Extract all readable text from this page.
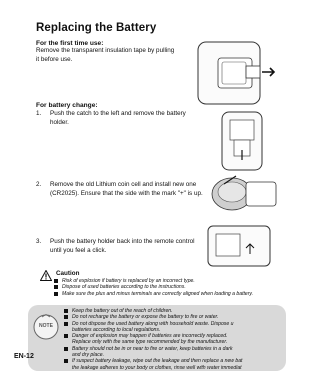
Replacing the Battery
For the first time use:
Remove the transparent insulation tape by pulling
it before use.
For battery change:
1. Push the catch to the left and remove the battery
holder.
2. Remove the old Lithium coin cell and install new one
(CR2025). Ensure that the side with the mark "+" is up.
3. Push the battery holder back into the remote control
until you feel a click.
Caution
Risk of explosion if battery is replaced by an incorrect type.
Dispose of used batteries according to the instructions.
Make sure the plus and minus terminals are correctly aligned when loading a battery.
NOTE
Keep the battery out of the reach of children.
Do not recharge the battery or expose the battery to fire or water.
Do not dispose the used battery along with household waste. Dispose u
batteries according to local regulations.
Danger of explosion may happen if batteries are incorrectly replaced.
Replace only with the same type recommended by the manufacturer.
Battery should not be in or near to fire or water, keep batteries in a dark
and dry place.
If suspect battery leakage, wipe out the leakage and then replace a new bat
the leakage adheres to your body or clothes, rinse well with water immediat
EN-12
